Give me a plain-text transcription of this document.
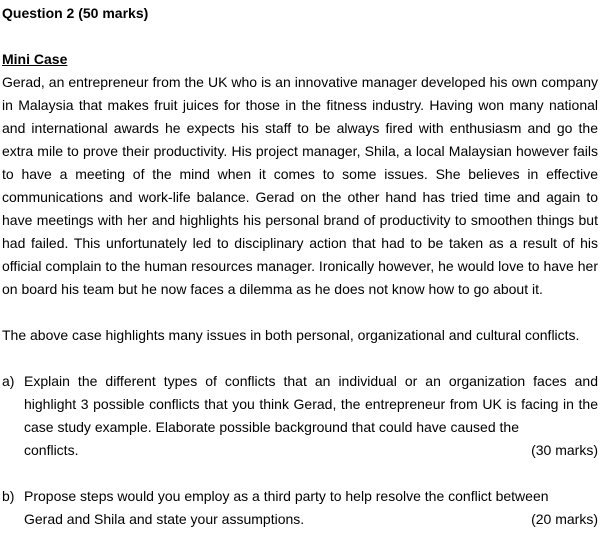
Question 2 (50 marks)

Mini Case

Gerad, an entrepreneur from the UK who is an innovative manager developed his own company in Malaysia that makes fruit juices for those in the fitness industry. Having won many national and international awards he expects his staff to be always fired with enthusiasm and go the extra mile to prove their productivity. His project manager, Shila, a local Malaysian however fails to have a meeting of the mind when it comes to some issues. She believes in effective communications and work-life balance. Gerad on the other hand has tried time and again to have meetings with her and highlights his personal brand of productivity to smoothen things but had failed. This unfortunately led to disciplinary action that had to be taken as a result of his official complain to the human resources manager. Ironically however, he would love to have her on board his team but he now faces a dilemma as he does not know how to go about it.

The above case highlights many issues in both personal, organizational and cultural conflicts.

a) Explain the different types of conflicts that an individual or an organization faces and highlight 3 possible conflicts that you think Gerad, the entrepreneur from UK is facing in the case study example. Elaborate possible background that could have caused the
conflicts.	(30 marks)
b) Propose steps would you employ as a third party to help resolve the conflict between
Gerad and Shila and state your assumptions.	(20 marks)
